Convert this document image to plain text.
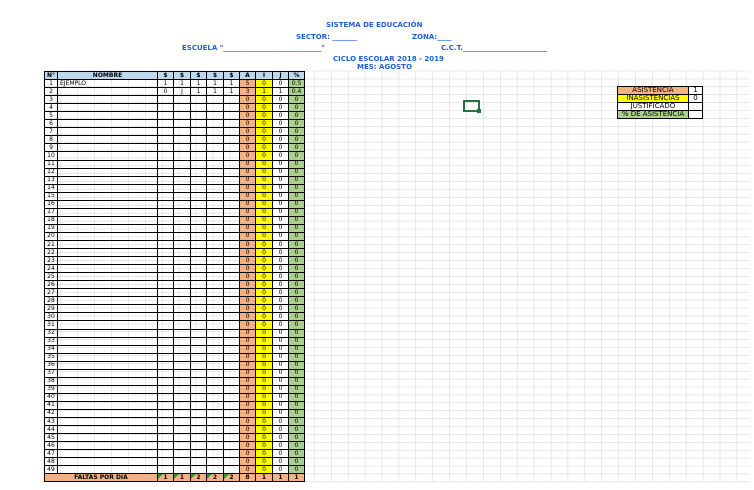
SISTEMA DE EDUCACIÓN
SECTOR: _______	ZONA:____
ESCUELA "____________________________"	C.C.T.________________________
CICLO ESCOLAR 2018 - 2019
MES: AGOSTO
N°	NOMBRE	$	$	$	$	$	A	I	J	%
1	EJEMPLO	1	1	1	1	1	5	0	0	0.5
2		0	J	1	1	1	3	1	1	0.4
3							0	0	0	0
4							0	0	0	0
5							0	0	0	0
6							0	0	0	0
7							0	0	0	0
8							0	0	0	0
9							0	0	0	0
10							0	0	0	0
11							0	0	0	0
12							0	0	0	0
13							0	0	0	0
14							0	0	0	0
15							0	0	0	0
16							0	0	0	0
17							0	0	0	0
18							0	0	0	0
19							0	0	0	0
20							0	0	0	0
21							0	0	0	0
22							0	0	0	0
23							0	0	0	0
24							0	0	0	0
25							0	0	0	0
26							0	0	0	0
27							0	0	0	0
28							0	0	0	0
29							0	0	0	0
30							0	0	0	0
31							0	0	0	0
32							0	0	0	0
33							0	0	0	0
34							0	0	0	0
35							0	0	0	0
36							0	0	0	0
37							0	0	0	0
38							0	0	0	0
39							0	0	0	0
40							0	0	0	0
41							0	0	0	0
42							0	0	0	0
43							0	0	0	0
44							0	0	0	0
45							0	0	0	0
46							0	0	0	0
47							0	0	0	0
48							0	0	0	0
49							0	0	0	0
FALTAS POR DÍA		1	1	2	2	2	8	1	1	1
ASISTENCIA	1
INASISTENCIAS	0
JUSTIFICADO	
% DE ASISTENCIA	
